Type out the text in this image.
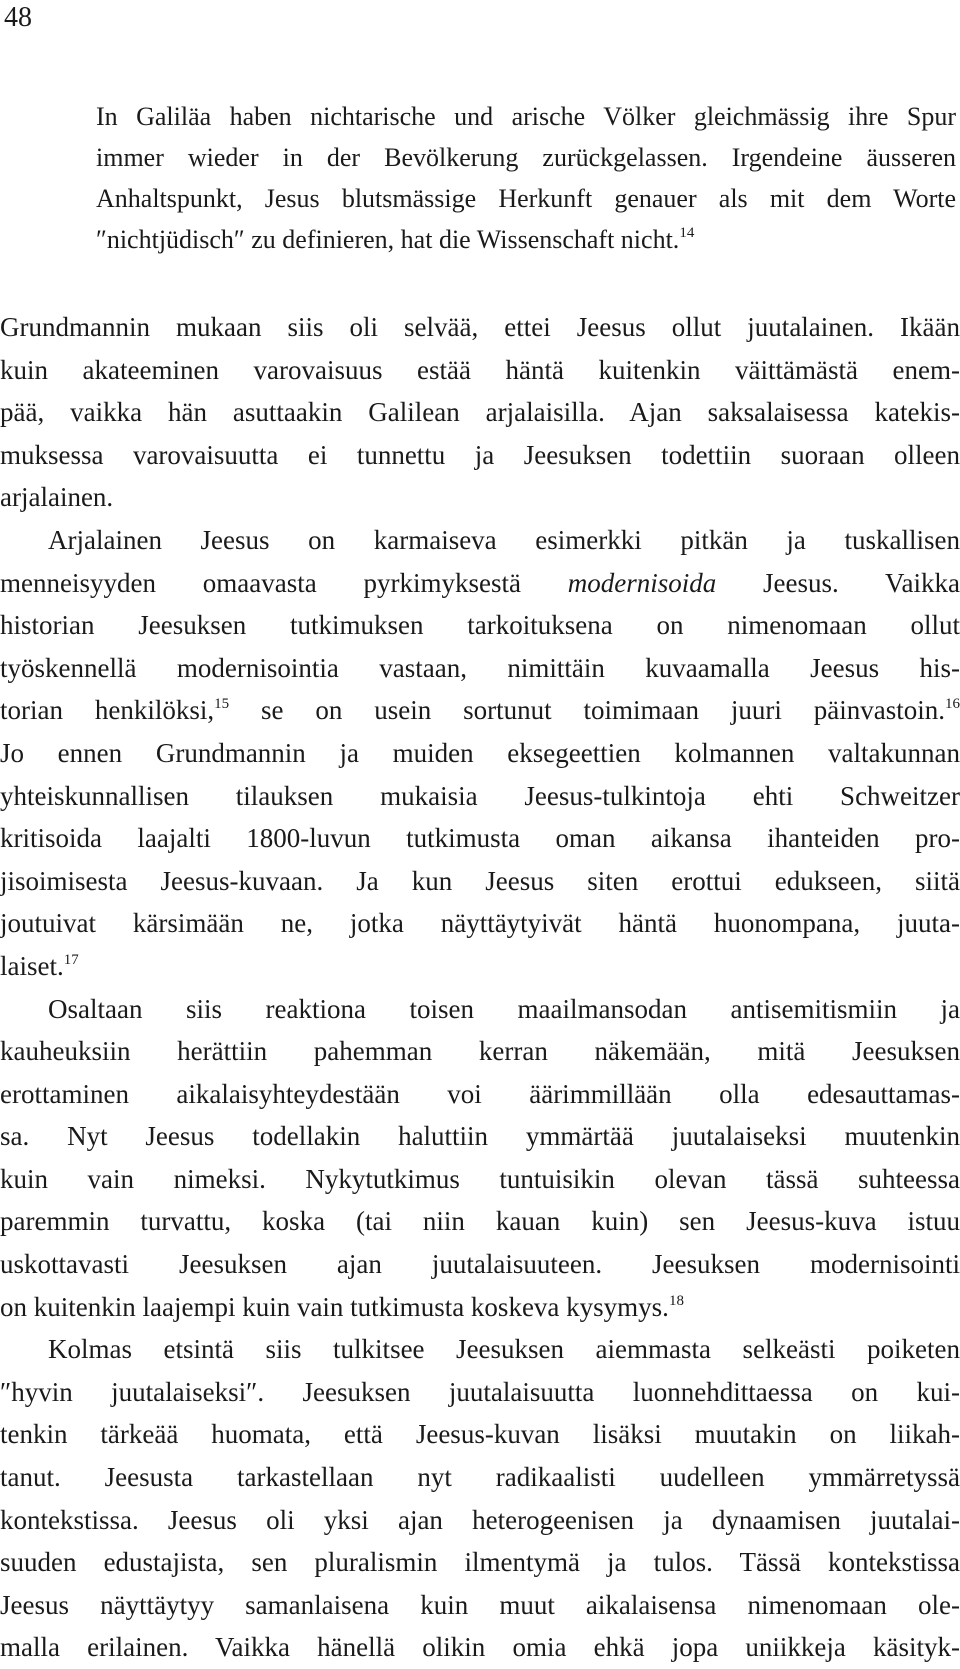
48
In Galiläa haben nichtarische und arische Völker gleichmässig ihre Spur
immer wieder in der Bevölkerung zurückgelassen. Irgendeine äusseren
Anhaltspunkt, Jesus blutsmässige Herkunft genauer als mit dem Worte
″nichtjüdisch″ zu definieren, hat die Wissenschaft nicht.$^{14}$
Grundmannin mukaan siis oli selvää, ettei Jeesus ollut juutalainen. Ikään
kuin akateeminen varovaisuus estää häntä kuitenkin väittämästä enem-
pää, vaikka hän asuttaakin Galilean arjalaisilla. Ajan saksalaisessa katekis-
muksessa varovaisuutta ei tunnettu ja Jeesuksen todettiin suoraan olleen
arjalainen.
Arjalainen Jeesus on karmaiseva esimerkki pitkän ja tuskallisen
menneisyyden omaavasta pyrkimyksestä modernisoida Jeesus. Vaikka
historian Jeesuksen tutkimuksen tarkoituksena on nimenomaan ollut
työskennellä modernisointia vastaan, nimittäin kuvaamalla Jeesus his-
torian henkilöksi,$^{15}$ se on usein sortunut toimimaan juuri päinvastoin.$^{16}$
Jo ennen Grundmannin ja muiden eksegeettien kolmannen valtakunnan
yhteiskunnallisen tilauksen mukaisia Jeesus-tulkintoja ehti Schweitzer
kritisoida laajalti 1800-luvun tutkimusta oman aikansa ihanteiden pro-
jisoimisesta Jeesus-kuvaan. Ja kun Jeesus siten erottui edukseen, siitä
joutuivat kärsimään ne, jotka näyttäytyivät häntä huonompana, juuta-
laiset.$^{17}$
Osaltaan siis reaktiona toisen maailmansodan antisemitismiin ja
kauheuksiin herättiin pahemman kerran näkemään, mitä Jeesuksen
erottaminen aikalaisyhteydestään voi äärimmillään olla edesauttamas-
sa. Nyt Jeesus todellakin haluttiin ymmärtää juutalaiseksi muutenkin
kuin vain nimeksi. Nykytutkimus tuntuisikin olevan tässä suhteessa
paremmin turvattu, koska (tai niin kauan kuin) sen Jeesus-kuva istuu
uskottavasti Jeesuksen ajan juutalaisuuteen. Jeesuksen modernisointi
on kuitenkin laajempi kuin vain tutkimusta koskeva kysymys.$^{18}$
Kolmas etsintä siis tulkitsee Jeesuksen aiemmasta selkeästi poiketen
″hyvin juutalaiseksi″. Jeesuksen juutalaisuutta luonnehdittaessa on kui-
tenkin tärkeää huomata, että Jeesus-kuvan lisäksi muutakin on liikah-
tanut. Jeesusta tarkastellaan nyt radikaalisti uudelleen ymmärretyssä
kontekstissa. Jeesus oli yksi ajan heterogeenisen ja dynaamisen juutalai-
suuden edustajista, sen pluralismin ilmentymä ja tulos. Tässä kontekstissa
Jeesus näyttäytyy samanlaisena kuin muut aikalaisensa nimenomaan ole-
malla erilainen. Vaikka hänellä olikin omia ehkä jopa uniikkeja käsityk-
